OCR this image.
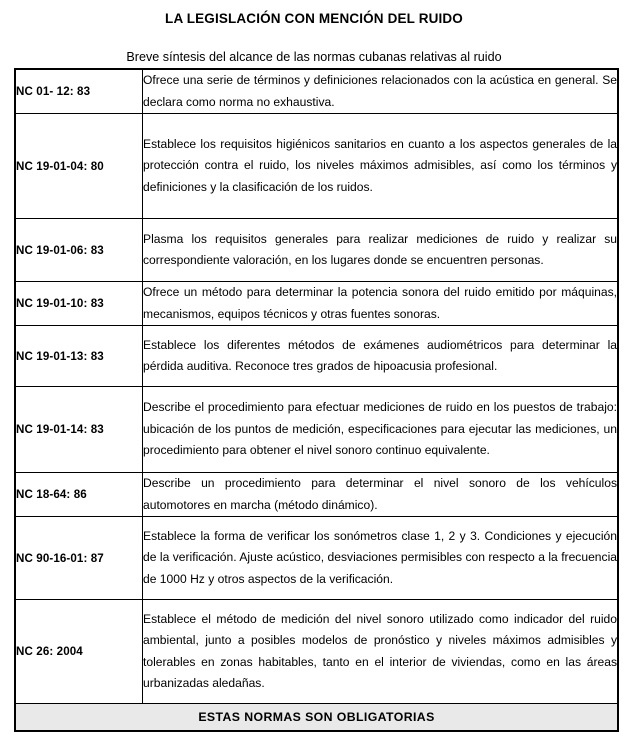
LA LEGISLACIÓN CON MENCIÓN DEL RUIDO

Breve síntesis del alcance de las normas cubanas relativas al ruido

NC 01- 12: 83	Ofrece una serie de términos y definiciones relacionados con la acústica en general. Se declara como norma no exhaustiva.
NC 19-01-04: 80	Establece los requisitos higiénicos sanitarios en cuanto a los aspectos generales de la protección contra el ruido, los niveles máximos admisibles, así como los términos y definiciones y la clasificación de los ruidos.
NC 19-01-06: 83	Plasma los requisitos generales para realizar mediciones de ruido y realizar su correspondiente valoración, en los lugares donde se encuentren personas.
NC 19-01-10: 83	Ofrece un método para determinar la potencia sonora del ruido emitido por máquinas, mecanismos, equipos técnicos y otras fuentes sonoras.
NC 19-01-13: 83	Establece los diferentes métodos de exámenes audiométricos para determinar la pérdida auditiva. Reconoce tres grados de hipoacusia profesional.
NC 19-01-14: 83	Describe el procedimiento para efectuar mediciones de ruido en los puestos de trabajo: ubicación de los puntos de medición, especificaciones para ejecutar las mediciones, un procedimiento para obtener el nivel sonoro continuo equivalente.
NC 18-64: 86	Describe un procedimiento para determinar el nivel sonoro de los vehículos automotores en marcha (método dinámico).
NC 90-16-01: 87	Establece la forma de verificar los sonómetros clase 1, 2 y 3. Condiciones y ejecución de la verificación. Ajuste acústico, desviaciones permisibles con respecto a la frecuencia de 1000 Hz y otros aspectos de la verificación.
NC 26: 2004	Establece el método de medición del nivel sonoro utilizado como indicador del ruido ambiental, junto a posibles modelos de pronóstico y niveles máximos admisibles y tolerables en zonas habitables, tanto en el interior de viviendas, como en las áreas urbanizadas aledañas.
ESTAS NORMAS SON OBLIGATORIAS	
